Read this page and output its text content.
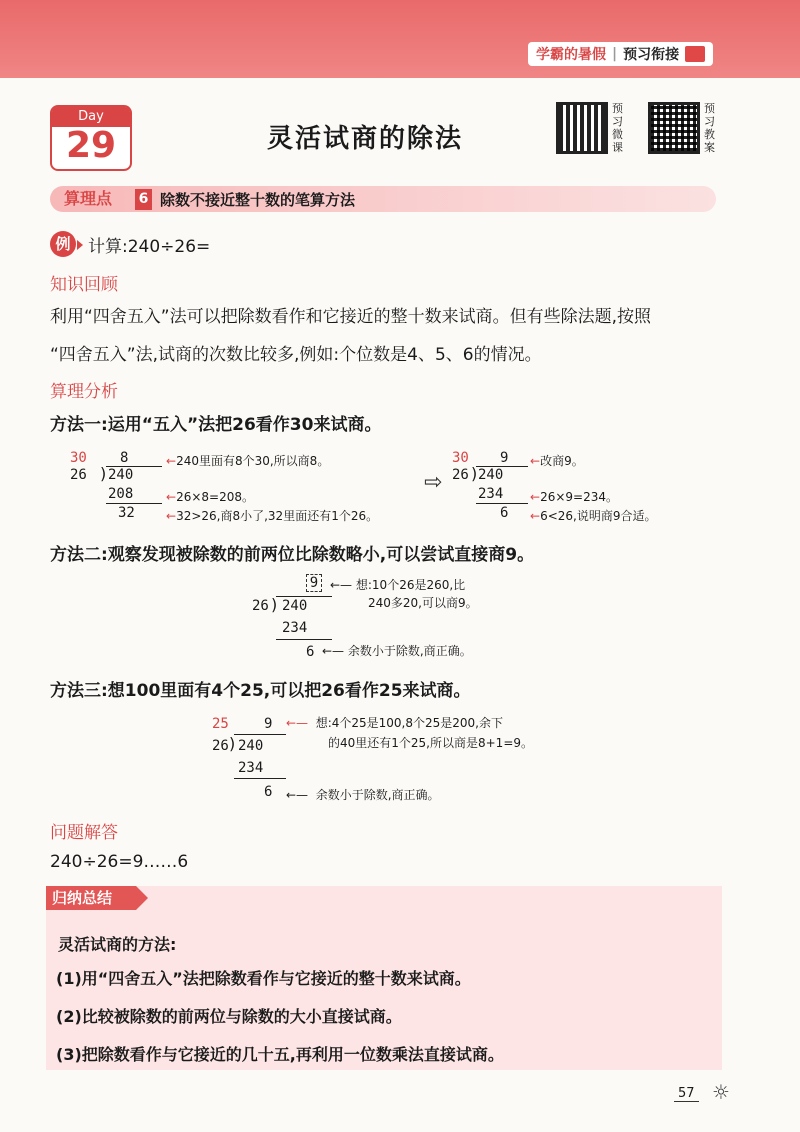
学霸的暑假 | 预习衔接
Day
29	灵活试商的除法
预习微课
预习教案
算理点	6 除数不接近整十数的笔算方法
例	计算:240÷26=
知识回顾
利用“四舍五入”法可以把除数看作和它接近的整十数来试商。但有些除法题,按照
“四舍五入”法,试商的次数比较多,例如:个位数是4、5、6的情况。
算理分析
方法一:运用“五入”法把26看作30来试商。
30 8
26 ) 240
208
32
←240里面有8个30,所以商8。
←26×8=208。
←32>26,商8小了,32里面还有1个26。
⇨
30 9
26 ) 240
234
6
←改商9。
←26×9=234。
←6<26,说明商9合适。
方法二:观察发现被除数的前两位比除数略小,可以尝试直接商9。
9
26 ) 240
234
6
←— 想:10个26是260,比
240多20,可以商9。
←— 余数小于除数,商正确。
方法三:想100里面有4个25,可以把26看作25来试商。
25	9
26 ) 240
234
6
←—  想:4个25是100,8个25是200,余下
的40里还有1个25,所以商是8+1=9。
←—  余数小于除数,商正确。
问题解答
240÷26=9……6
归纳总结
灵活试商的方法:
(1)用“四舍五入”法把除数看作与它接近的整十数来试商。
(2)比较被除数的前两位与除数的大小直接试商。
(3)把除数看作与它接近的几十五,再利用一位数乘法直接试商。
57 ☼
